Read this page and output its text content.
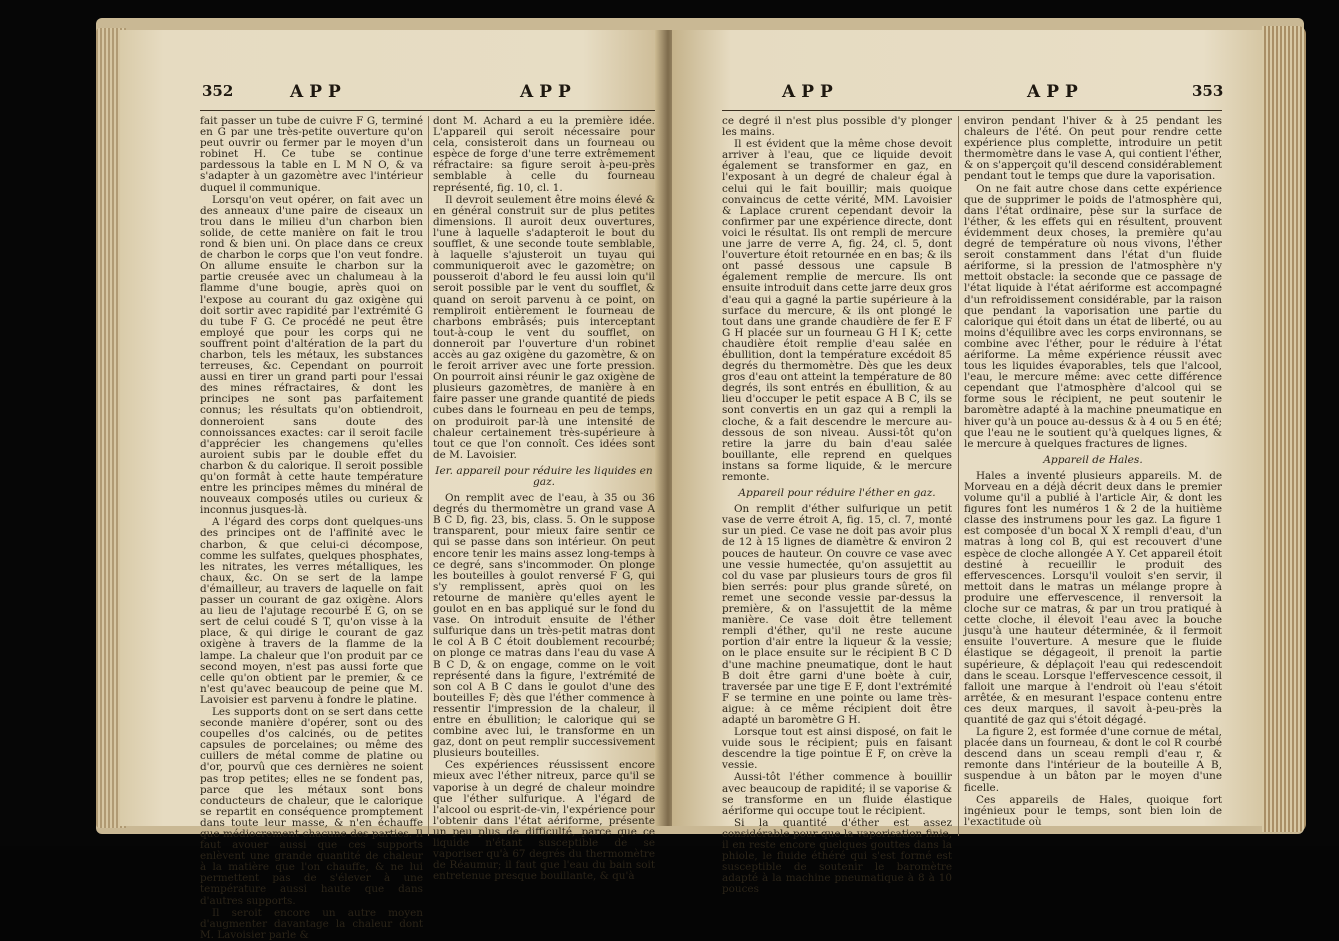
352	APP	APP

fait passer un tube de cuivre F G, terminé en G par une très-petite ouverture qu'on peut ouvrir ou fermer par le moyen d'un robinet H. Ce tube se continue pardessous la table en L M N O, & va s'adapter à un gazomètre avec l'intérieur duquel il communique.

Lorsqu'on veut opérer, on fait avec un des anneaux d'une paire de ciseaux un trou dans le milieu d'un charbon bien solide, de cette manière on fait le trou rond & bien uni. On place dans ce creux de charbon le corps que l'on veut fondre. On allume ensuite le charbon sur la partie creusée avec un chalumeau à la flamme d'une bougie, après quoi on l'expose au courant du gaz oxigène qui doit sortir avec rapidité par l'extrémité G du tube F G. Ce procédé ne peut être employé que pour les corps qui ne souffrent point d'altération de la part du charbon, tels les métaux, les substances terreuses, &c. Cependant on pourroit aussi en tirer un grand parti pour l'essai des mines réfractaires, & dont les principes ne sont pas parfaitement connus; les résultats qu'on obtiendroit, donneroient sans doute des connoissances exactes: car il seroit facile d'apprécier les changemens qu'elles auroient subis par le double effet du charbon & du calorique. Il seroit possible qu'on formât à cette haute température entre les principes mêmes du minéral de nouveaux composés utiles ou curieux & inconnus jusques-là.

A l'égard des corps dont quelques-uns des principes ont de l'affinité avec le charbon, & que celui-ci décompose, comme les sulfates, quelques phosphates, les nitrates, les verres métalliques, les chaux, &c. On se sert de la lampe d'émailleur, au travers de laquelle on fait passer un courant de gaz oxigène. Alors au lieu de l'ajutage recourbé E G, on se sert de celui coudé S T, qu'on visse à la place, & qui dirige le courant de gaz oxigène à travers de la flamme de la lampe. La chaleur que l'on produit par ce second moyen, n'est pas aussi forte que celle qu'on obtient par le premier, & ce n'est qu'avec beaucoup de peine que M. Lavoisier est parvenu à fondre le platine.

Les supports dont on se sert dans cette seconde manière d'opérer, sont ou des coupelles d'os calcinés, ou de petites capsules de porcelaines; ou même des cuillers de métal comme de platine ou d'or, pourvû que ces dernières ne soient pas trop petites; elles ne se fondent pas, parce que les métaux sont bons conducteurs de chaleur, que le calorique se repartit en conséquence promptement dans toute leur masse, & n'en échauffe que médiocrement chacune des parties. Il faut avouer aussi que ces supports enlèvent une grande quantité de chaleur à la matière que l'on chauffe, & ne lui permettent pas de s'élever à une température aussi haute que dans d'autres supports.

Il seroit encore un autre moyen d'augmenter davantage la chaleur dont M. Lavoisier parle &

dont M. Achard a eu la première idée. L'appareil qui seroit nécessaire pour cela, consisteroit dans un fourneau ou espèce de forge d'une terre extrêmement réfractaire: sa figure seroit à-peu-près semblable à celle du fourneau représenté, fig. 10, cl. 1.

Il devroit seulement être moins élevé & en général construit sur de plus petites dimensions. Il auroit deux ouvertures, l'une à laquelle s'adapteroit le bout du soufflet, & une seconde toute semblable, à laquelle s'ajusteroit un tuyau qui communiqueroit avec le gazomètre; on pousseroit d'abord le feu aussi loin qu'il seroit possible par le vent du soufflet, & quand on seroit parvenu à ce point, on rempliroit entièrement le fourneau de charbons embrâsés; puis interceptant tout-à-coup le vent du soufflet, on donneroit par l'ouverture d'un robinet accès au gaz oxigène du gazomètre, & on le feroit arriver avec une forte pression. On pourroit ainsi réunir le gaz oxigène de plusieurs gazomètres, de manière à en faire passer une grande quantité de pieds cubes dans le fourneau en peu de temps, on produiroit par-là une intensité de chaleur certainement très-supérieure à tout ce que l'on connoît. Ces idées sont de M. Lavoisier.

Ier. appareil pour réduire les liquides en gaz.

On remplit avec de l'eau, à 35 ou 36 degrés du thermomètre un grand vase A B C D, fig. 23, bis, class. 5. On le suppose transparent, pour mieux faire sentir ce qui se passe dans son intérieur. On peut encore tenir les mains assez long-temps à ce degré, sans s'incommoder. On plonge les bouteilles à goulot renversé F G, qui s'y remplissent, après quoi on les retourne de manière qu'elles ayent le goulot en en bas appliqué sur le fond du vase. On introduit ensuite de l'éther sulfurique dans un très-petit matras dont le col A B C étoit doublement recourbé; on plonge ce matras dans l'eau du vase A B C D, & on engage, comme on le voit représenté dans la figure, l'extrémité de son col A B C dans le goulot d'une des bouteilles F; dès que l'éther commence à ressentir l'impression de la chaleur, il entre en ébullition; le calorique qui se combine avec lui, le transforme en un gaz, dont on peut remplir successivement plusieurs bouteilles.

Ces expériences réussissent encore mieux avec l'éther nitreux, parce qu'il se vaporise à un degré de chaleur moindre que l'éther sulfurique. A l'égard de l'alcool ou esprit-de-vin, l'expérience pour l'obtenir dans l'état aériforme, présente un peu plus de difficulté, parce que ce liquide n'étant susceptible de se vaporiser qu'à 67 degrés du thermomètre de Réaumur; il faut que l'eau du bain soit entretenue presque bouillante, & qu'à

APP	APP	353

ce degré il n'est plus possible d'y plonger les mains.

Il est évident que la même chose devoit arriver à l'eau, que ce liquide devoit également se transformer en gaz, en l'exposant à un degré de chaleur égal à celui qui le fait bouillir; mais quoique convaincus de cette vérité, MM. Lavoisier & Laplace crurent cependant devoir la confirmer par une expérience directe, dont voici le résultat. Ils ont rempli de mercure une jarre de verre A, fig. 24, cl. 5, dont l'ouverture étoit retournée en en bas; & ils ont passé dessous une capsule B également remplie de mercure. Ils ont ensuite introduit dans cette jarre deux gros d'eau qui a gagné la partie supérieure à la surface du mercure, & ils ont plongé le tout dans une grande chaudière de fer E F G H placée sur un fourneau G H I K; cette chaudière étoit remplie d'eau salée en ébullition, dont la température excédoit 85 degrés du thermomètre. Dès que les deux gros d'eau ont atteint la température de 80 degrés, ils sont entrés en ébullition, & au lieu d'occuper le petit espace A B C, ils se sont convertis en un gaz qui a rempli la cloche, & a fait descendre le mercure au-dessous de son niveau. Aussi-tôt qu'on retire la jarre du bain d'eau salée bouillante, elle reprend en quelques instans sa forme liquide, & le mercure remonte.

Appareil pour réduire l'éther en gaz.

On remplit d'éther sulfurique un petit vase de verre étroit A, fig. 15, cl. 7, monté sur un pied. Ce vase ne doit pas avoir plus de 12 à 15 lignes de diamètre & environ 2 pouces de hauteur. On couvre ce vase avec une vessie humectée, qu'on assujettit au col du vase par plusieurs tours de gros fil bien serrés: pour plus grande sûreté, on remet une seconde vessie par-dessus la première, & on l'assujettit de la même manière. Ce vase doit être tellement rempli d'éther, qu'il ne reste aucune portion d'air entre la liqueur & la vessie; on le place ensuite sur le récipient B C D d'une machine pneumatique, dont le haut B doit être garni d'une boète à cuir, traversée par une tige E F, dont l'extrémité F se termine en une pointe ou lame très-aigue: à ce même récipient doit être adapté un baromètre G H.

Lorsque tout est ainsi disposé, on fait le vuide sous le récipient; puis en faisant descendre la tige pointue E F, on crève la vessie.

Aussi-tôt l'éther commence à bouillir avec beaucoup de rapidité; il se vaporise & se transforme en un fluide élastique aériforme qui occupe tout le récipient.

Si la quantité d'éther est assez considérable pour que la vaporisation finie, il en reste encore quelques gouttes dans la phiole, le fluide éthéré qui s'est formé est susceptible de soutenir le baromètre adapté à la machine pneumatique à 8 à 10 pouces

environ pendant l'hiver & à 25 pendant les chaleurs de l'été. On peut pour rendre cette expérience plus complette, introduire un petit thermomètre dans le vase A, qui contient l'éther, & on s'apperçoit qu'il descend considérablement pendant tout le temps que dure la vaporisation.

On ne fait autre chose dans cette expérience que de supprimer le poids de l'atmosphère qui, dans l'état ordinaire, pèse sur la surface de l'éther, & les effets qui en résultent, prouvent évidemment deux choses, la première qu'au degré de température où nous vivons, l'éther seroit constamment dans l'état d'un fluide aériforme, si la pression de l'atmosphère n'y mettoit obstacle: la seconde que ce passage de l'état liquide à l'état aériforme est accompagné d'un refroidissement considérable, par la raison que pendant la vaporisation une partie du calorique qui étoit dans un état de liberté, ou au moins d'équilibre avec les corps environnans, se combine avec l'éther, pour le réduire à l'état aériforme. La même expérience réussit avec tous les liquides évaporables, tels que l'alcool, l'eau, le mercure même: avec cette différence cependant que l'atmosphère d'alcool qui se forme sous le récipient, ne peut soutenir le baromètre adapté à la machine pneumatique en hiver qu'à un pouce au-dessus & à 4 ou 5 en été; que l'eau ne le soutient qu'à quelques lignes, & le mercure à quelques fractures de lignes.

Appareil de Hales.

Hales a inventé plusieurs appareils. M. de Morveau en a déjà décrit deux dans le premier volume qu'il a publié à l'article Air, & dont les figures font les numéros 1 & 2 de la huitième classe des instrumens pour les gaz. La figure 1 est composée d'un bocal X X rempli d'eau, d'un matras à long col B, qui est recouvert d'une espèce de cloche allongée A Y. Cet appareil étoit destiné à recueillir le produit des effervescences. Lorsqu'il vouloit s'en servir, il mettoit dans le matras un mélange propre à produire une effervescence, il renversoit la cloche sur ce matras, & par un trou pratiqué à cette cloche, il élevoit l'eau avec la bouche jusqu'à une hauteur déterminée, & il fermoit ensuite l'ouverture. A mesure que le fluide élastique se dégageoit, il prenoit la partie supérieure, & déplaçoit l'eau qui redescendoit dans le sceau. Lorsque l'effervescence cessoit, il falloit une marque à l'endroit où l'eau s'étoit arrêtée, & en mesurant l'espace contenu entre ces deux marques, il savoit à-peu-près la quantité de gaz qui s'étoit dégagé.

La figure 2, est formée d'une cornue de métal, placée dans un fourneau, & dont le col R courbé descend dans un sceau rempli d'eau r, & remonte dans l'intérieur de la bouteille A B, suspendue à un bâton par le moyen d'une ficelle.

Ces appareils de Hales, quoique fort ingénieux pour le temps, sont bien loin de l'exactitude où
